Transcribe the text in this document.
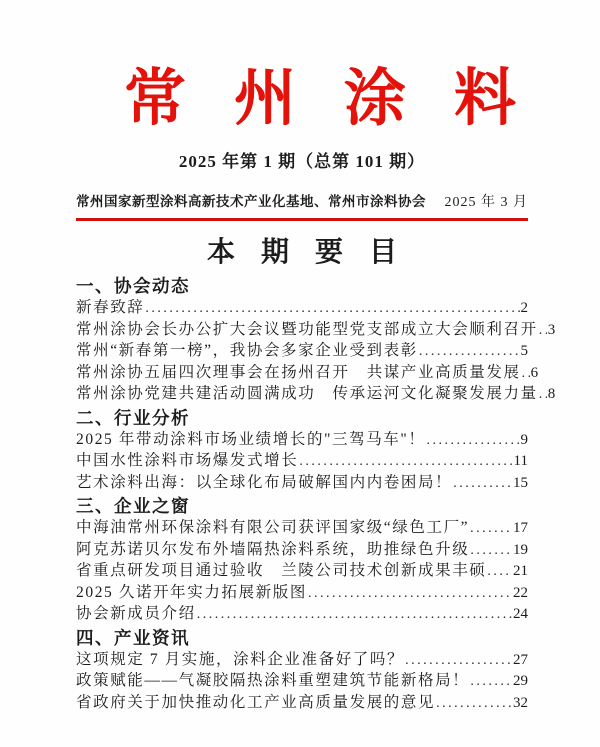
常州涂料
2025 年第 1 期（总第 101 期）
常州国家新型涂料高新技术产业化基地、常州市涂料协会 2025 年 3 月
本期要目
一、协会动态
新春致辞 .....	2
常州涂协会长办公扩大会议暨功能型党支部成立大会顺利召开 ..... 3
常州“新春第一榜”，我协会多家企业受到表彰 .....	5
常州涂协五届四次理事会在扬州召开　共谋产业高质量发展 ..... 6
常州涂协党建共建活动圆满成功　传承运河文化凝聚发展力量 ..... 8
二、行业分析
2025 年带动涂料市场业绩增长的"三驾马车"！ .....	9
中国水性涂料市场爆发式增长 .....	11
艺术涂料出海：以全球化布局破解国内内卷困局！ .....	15
三、企业之窗
中海油常州环保涂料有限公司获评国家级“绿色工厂” .....	17
阿克苏诺贝尔发布外墙隔热涂料系统，助推绿色升级 .....	19
省重点研发项目通过验收　兰陵公司技术创新成果丰硕 ..... 21
2025 久诺开年实力拓展新版图 .....	22
协会新成员介绍 .....	24
四、产业资讯
这项规定 7 月实施，涂料企业准备好了吗？ .....	27
政策赋能——气凝胶隔热涂料重塑建筑节能新格局！ .....	29
省政府关于加快推动化工产业高质量发展的意见 .....	32
